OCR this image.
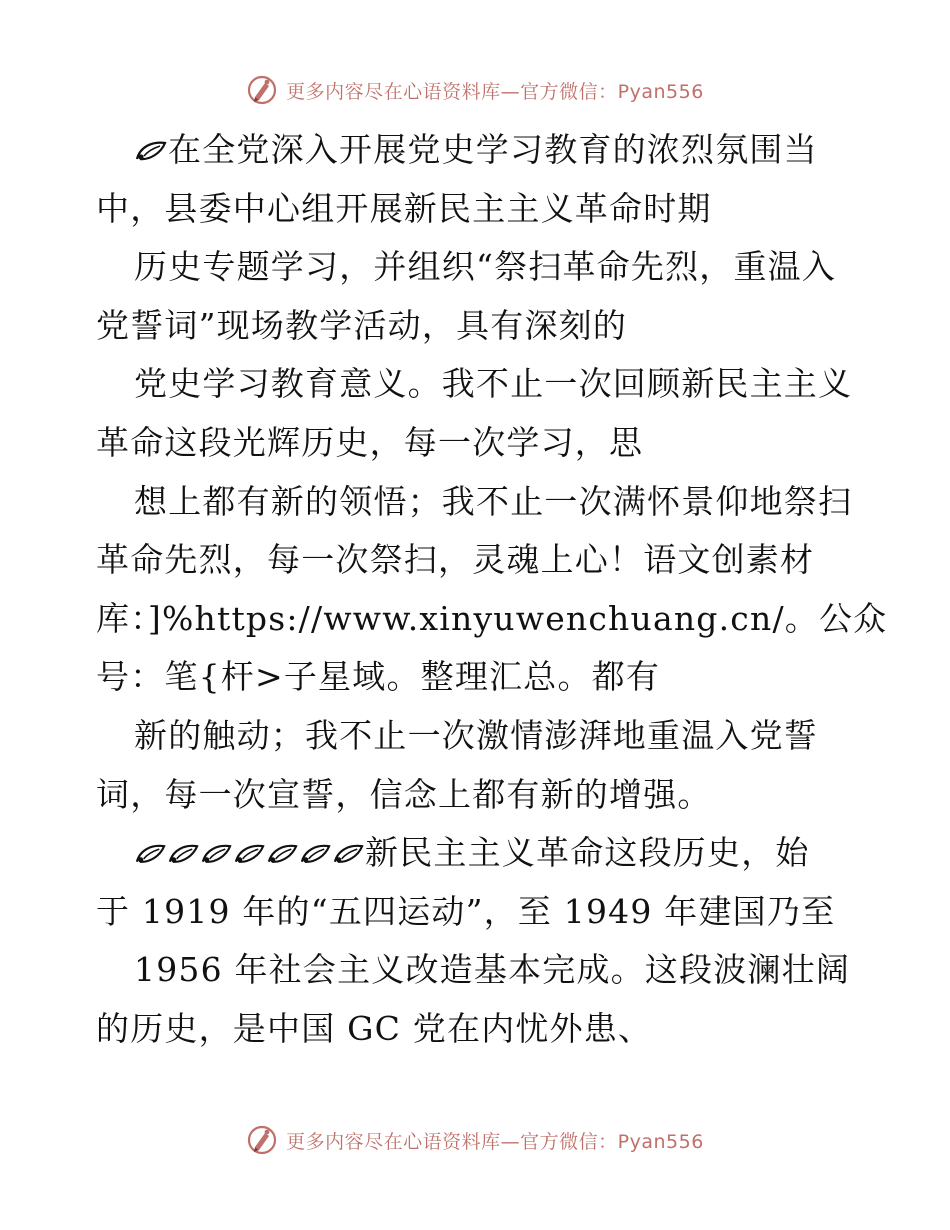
更多内容尽在心语资料库—官方微信：Pyan556
在全党深入开展党史学习教育的浓烈氛围当
中，县委中心组开展新民主主义革命时期
历史专题学习，并组织“祭扫革命先烈，重温入
党誓词”现场教学活动，具有深刻的
党史学习教育意义。我不止一次回顾新民主主义
革命这段光辉历史，每一次学习，思
想上都有新的领悟；我不止一次满怀景仰地祭扫
革命先烈，每一次祭扫，灵魂上心！语文创素材
库：]%https://www.xinyuwenchuang.cn/。公众
号：笔{杆>子星域。整理汇总。都有
新的触动；我不止一次激情澎湃地重温入党誓
词，每一次宣誓，信念上都有新的增强。
新民主主义革命这段历史，始
于 1919 年的“五四运动”，至 1949 年建国乃至
1956 年社会主义改造基本完成。这段波澜壮阔
的历史，是中国 GC 党在内忧外患、
更多内容尽在心语资料库—官方微信：Pyan556
